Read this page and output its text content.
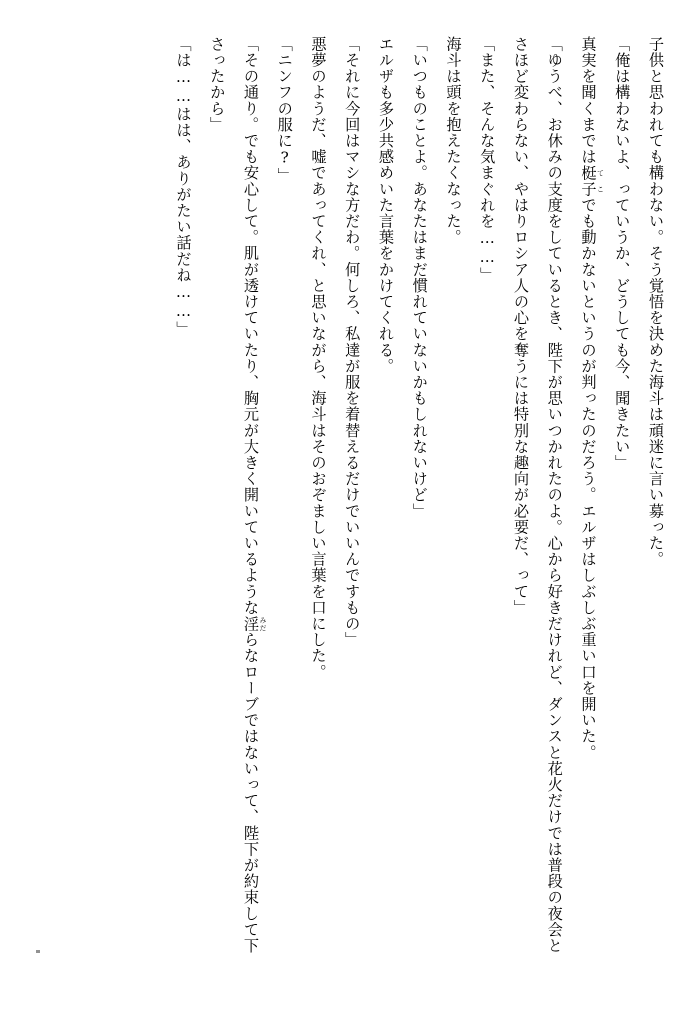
子供と思われても構わない。そう覚悟を決めた海斗は頑迷に言い募った。

「俺は構わないよ、っていうか、どうしても今、聞きたい」

真実を聞くまでは梃子 てこでも動かないというのが判ったのだろう。エルザはしぶしぶ重い口を開いた。

「ゆうべ、お休みの支度をしているとき、陛下が思いつかれたのよ。心から好きだけれど、ダンスと花火だけでは普段の夜会とさほど変わらない、やはりロシア人の心を奪うには特別な趣向が必要だ、って」

「また、そんな気まぐれを……」

海斗は頭を抱えたくなった。

「いつものことよ。あなたはまだ慣れていないかもしれないけど」

エルザも多少共感めいた言葉をかけてくれる。

「それに今回はマシな方だわ。何しろ、私達が服を着替えるだけでいいんですもの」

悪夢のようだ、嘘であってくれ、と思いながら、海斗はそのおぞましい言葉を口にした。

「ニンフの服に?」

「その通り。でも安心して。肌が透けていたり、胸元が大きく開いているような淫 みだらなローブではないって、陛下が約束して下さったから」

「は……はは、ありがたい話だね……」
